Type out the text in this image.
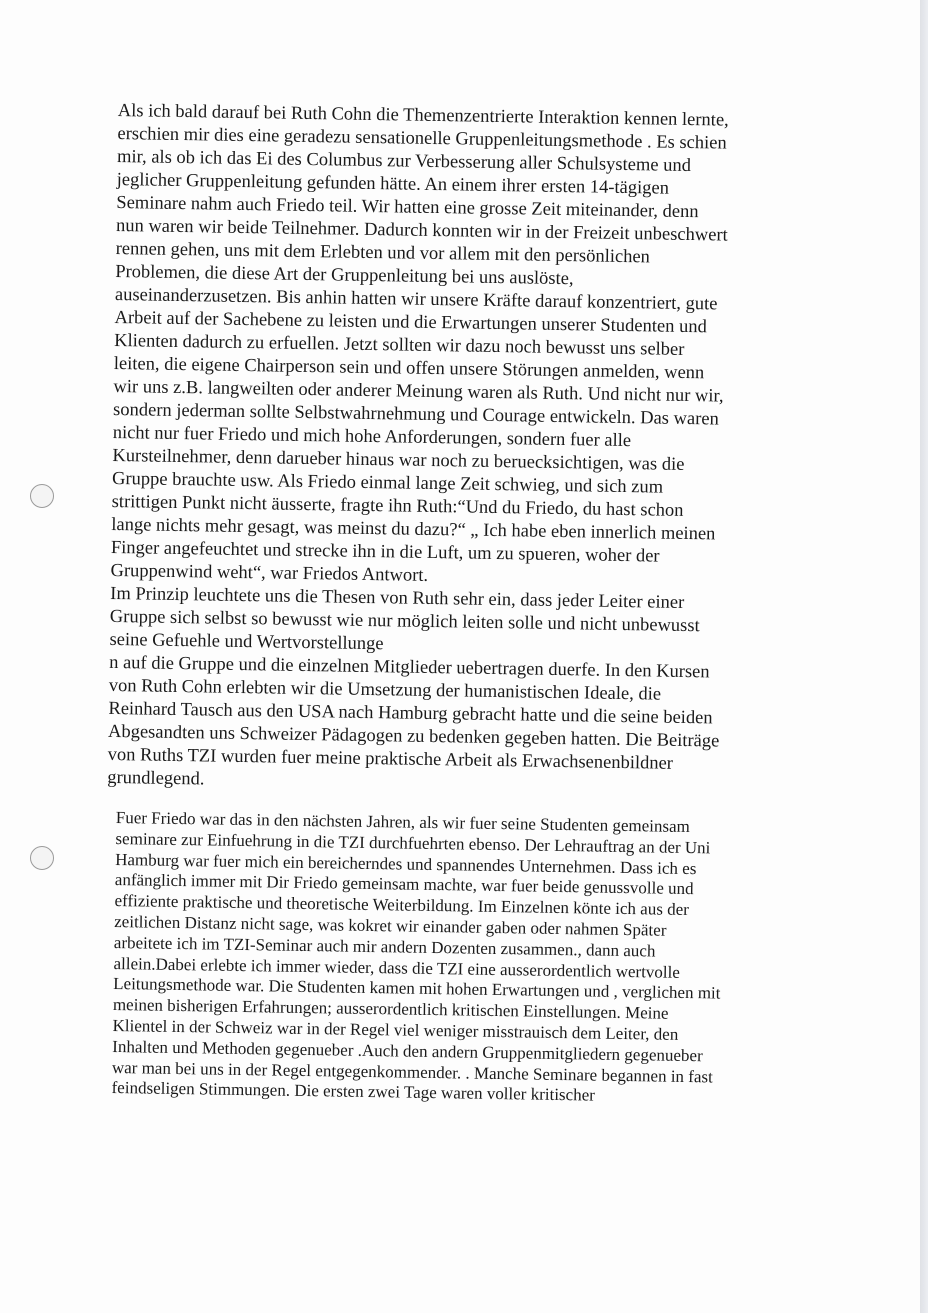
Als ich bald darauf bei Ruth Cohn die Themenzentrierte Interaktion kennen lernte,
erschien mir dies eine geradezu sensationelle Gruppenleitungsmethode . Es schien
mir, als ob ich das Ei des Columbus zur Verbesserung aller Schulsysteme und
jeglicher Gruppenleitung gefunden hätte. An einem ihrer ersten 14-tägigen
Seminare nahm auch Friedo teil. Wir hatten eine grosse Zeit miteinander, denn
nun waren wir beide Teilnehmer. Dadurch konnten wir in der Freizeit unbeschwert
rennen gehen, uns mit dem Erlebten und vor allem mit den persönlichen
Problemen, die diese Art der Gruppenleitung bei uns auslöste,
auseinanderzusetzen. Bis anhin hatten wir unsere Kräfte darauf konzentriert, gute
Arbeit auf der Sachebene zu leisten und die Erwartungen unserer Studenten und
Klienten dadurch zu erfuellen. Jetzt sollten wir dazu noch bewusst uns selber
leiten, die eigene Chairperson sein und offen unsere Störungen anmelden, wenn
wir uns z.B. langweilten oder anderer Meinung waren als Ruth. Und nicht nur wir,
sondern jederman sollte Selbstwahrnehmung und Courage entwickeln. Das waren
nicht nur fuer Friedo und mich hohe Anforderungen, sondern fuer alle
Kursteilnehmer, denn darueber hinaus war noch zu beruecksichtigen, was die
Gruppe brauchte usw. Als Friedo einmal lange Zeit schwieg, und sich zum
strittigen Punkt nicht äusserte, fragte ihn Ruth:“Und du Friedo, du hast schon
lange nichts mehr gesagt, was meinst du dazu?“ „ Ich habe eben innerlich meinen
Finger angefeuchtet und strecke ihn in die Luft, um zu spueren, woher der
Gruppenwind weht“, war Friedos Antwort.
Im Prinzip leuchtete uns die Thesen von Ruth sehr ein, dass jeder Leiter einer
Gruppe sich selbst so bewusst wie nur möglich leiten solle und nicht unbewusst
seine Gefuehle und Wertvorstellunge
n auf die Gruppe und die einzelnen Mitglieder uebertragen duerfe. In den Kursen
von Ruth Cohn erlebten wir die Umsetzung der humanistischen Ideale, die
Reinhard Tausch aus den USA nach Hamburg gebracht hatte und die seine beiden
Abgesandten uns Schweizer Pädagogen zu bedenken gegeben hatten. Die Beiträge
von Ruths TZI wurden fuer meine praktische Arbeit als Erwachsenenbildner
grundlegend.
Fuer Friedo war das in den nächsten Jahren, als wir fuer seine Studenten gemeinsam
seminare zur Einfuehrung in die TZI durchfuehrten ebenso. Der Lehrauftrag an der Uni
Hamburg war fuer mich ein bereicherndes und spannendes Unternehmen. Dass ich es
anfänglich immer mit Dir Friedo gemeinsam machte, war fuer beide genussvolle und
effiziente praktische und theoretische Weiterbildung. Im Einzelnen könte ich aus der
zeitlichen Distanz nicht sage, was kokret wir einander gaben oder nahmen Später
arbeitete ich im TZI-Seminar auch mir andern Dozenten zusammen., dann auch
allein.Dabei erlebte ich immer wieder, dass die TZI eine ausserordentlich wertvolle
Leitungsmethode war. Die Studenten kamen mit hohen Erwartungen und , verglichen mit
meinen bisherigen Erfahrungen; ausserordentlich kritischen Einstellungen. Meine
Klientel in der Schweiz war in der Regel viel weniger misstrauisch dem Leiter, den
Inhalten und Methoden gegenueber .Auch den andern Gruppenmitgliedern gegenueber
war man bei uns in der Regel entgegenkommender. . Manche Seminare begannen in fast
feindseligen Stimmungen. Die ersten zwei Tage waren voller kritischer
